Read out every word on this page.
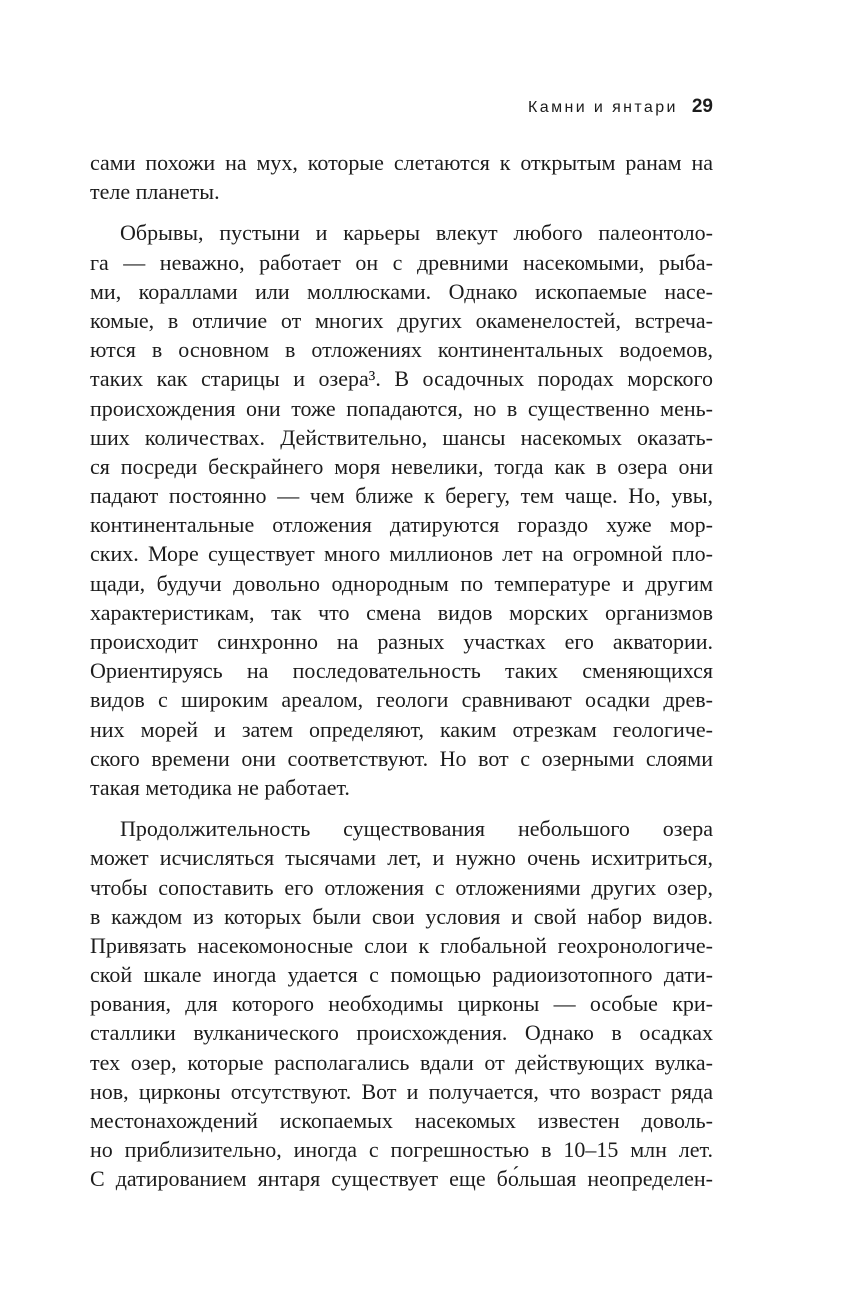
Камни и янтари 29
сами похожи на мух, которые слетаются к открытым ранам на
теле планеты.
Обрывы, пустыни и карьеры влекут любого палеонтоло-
га — неважно, работает он с древними насекомыми, рыба-
ми, кораллами или моллюсками. Однако ископаемые насе-
комые, в отличие от многих других окаменелостей, встреча-
ются в основном в отложениях континентальных водоемов,
таких как старицы и озера³. В осадочных породах морского
происхождения они тоже попадаются, но в существенно мень-
ших количествах. Действительно, шансы насекомых оказать-
ся посреди бескрайнего моря невелики, тогда как в озера они
падают постоянно — чем ближе к берегу, тем чаще. Но, увы,
континентальные отложения датируются гораздо хуже мор-
ских. Море существует много миллионов лет на огромной пло-
щади, будучи довольно однородным по температуре и другим
характеристикам, так что смена видов морских организмов
происходит синхронно на разных участках его акватории.
Ориентируясь на последовательность таких сменяющихся
видов с широким ареалом, геологи сравнивают осадки древ-
них морей и затем определяют, каким отрезкам геологиче-
ского времени они соответствуют. Но вот с озерными слоями
такая методика не работает.
Продолжительность существования небольшого озера
может исчисляться тысячами лет, и нужно очень исхитриться,
чтобы сопоставить его отложения с отложениями других озер,
в каждом из которых были свои условия и свой набор видов.
Привязать насекомоносные слои к глобальной геохронологиче-
ской шкале иногда удается с помощью радиоизотопного дати-
рования, для которого необходимы цирконы — особые кри-
сталлики вулканического происхождения. Однако в осадках
тех озер, которые располагались вдали от действующих вулка-
нов, цирконы отсутствуют. Вот и получается, что возраст ряда
местонахождений ископаемых насекомых известен доволь-
но приблизительно, иногда с погрешностью в 10–15 млн лет.
С датированием янтаря существует еще бо́льшая неопределен-
